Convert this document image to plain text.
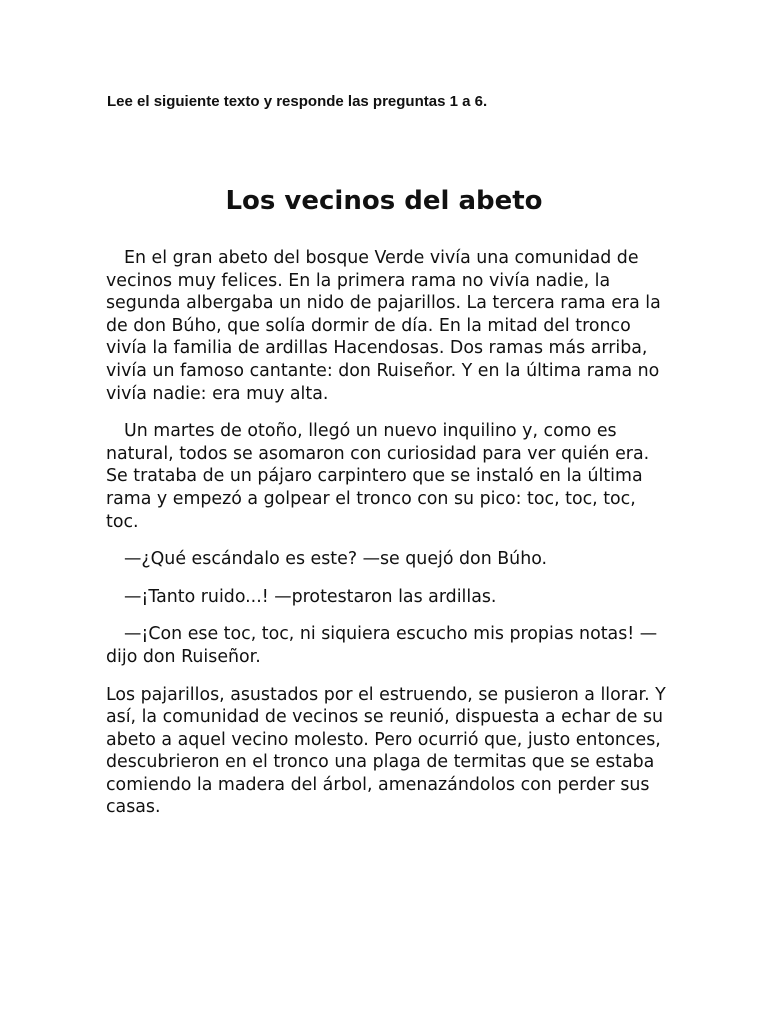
Lee el siguiente texto y responde las preguntas 1 a 6.

Los vecinos del abeto

En el gran abeto del bosque Verde vivía una comunidad de vecinos muy felices. En la primera rama no vivía nadie, la segunda albergaba un nido de pajarillos. La tercera rama era la de don Búho, que solía dormir de día. En la mitad del tronco vivía la familia de ardillas Hacendosas. Dos ramas más arriba, vivía un famoso cantante: don Ruiseñor. Y en la última rama no vivía nadie: era muy alta.

Un martes de otoño, llegó un nuevo inquilino y, como es natural, todos se asomaron con curiosidad para ver quién era. Se trataba de un pájaro carpintero que se instaló en la última rama y empezó a golpear el tronco con su pico: toc, toc, toc, toc.

—¿Qué escándalo es este? —se quejó don Búho.

—¡Tanto ruido...! —protestaron las ardillas.

—¡Con ese toc, toc, ni siquiera escucho mis propias notas! —dijo don Ruiseñor.

Los pajarillos, asustados por el estruendo, se pusieron a llorar. Y así, la comunidad de vecinos se reunió, dispuesta a echar de su abeto a aquel vecino molesto. Pero ocurrió que, justo entonces, descubrieron en el tronco una plaga de termitas que se estaba comiendo la madera del árbol, amenazándolos con perder sus casas.
